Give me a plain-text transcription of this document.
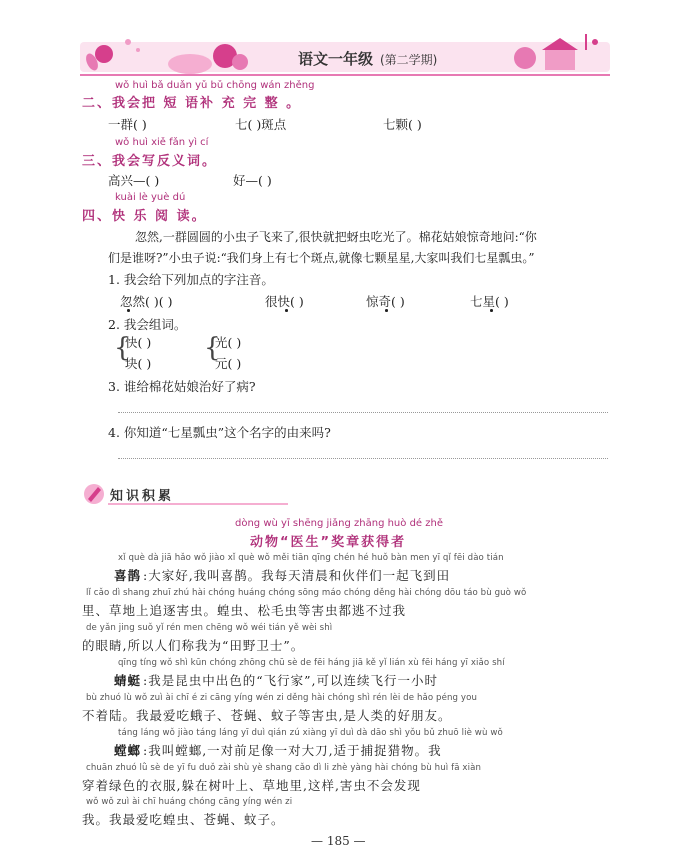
语文一年级 (第二学期)
wǒ huì bǎ duǎn yǔ bǔ chōng wán zhěng
二、我会把 短 语补 充 完 整 。
一群( )	七( )斑点	七颗( )
wǒ huì xiě fǎn yì cí
三、我会写反义词。
高兴—( )	好—( )
kuài lè yuè dú
四、快 乐 阅 读。
忽然,一群圆圆的小虫子飞来了,很快就把蚜虫吃光了。棉花姑娘惊奇地问:“你
们是谁呀?”小虫子说:“我们身上有七个斑点,就像七颗星星,大家叫我们七星瓢虫。”
1. 我会给下列加点的字注音。
忽然( )( )	很快( )	惊奇( )	七星( )
2. 我会组词。
{
快( )
块( )
{
光( )
元( )
3. 谁给棉花姑娘治好了病?
4. 你知道“七星瓢虫”这个名字的由来吗?
知识积累
dòng wù yī shēng jiǎng zhāng huò dé zhě
动物“医生”奖章获得者
xǐ què dà jiā hǎo wǒ jiào xǐ què wǒ měi tiān qīng chén hé huǒ bàn men yī qǐ fēi dào tián
喜鹊 :大家好,我叫喜鹊。我每天清晨和伙伴们一起飞到田
lǐ cǎo dì shang zhuī zhú hài chóng huáng chóng sōng máo chóng děng hài chóng dōu táo bù guò wǒ
里、草地上追逐害虫。蝗虫、松毛虫等害虫都逃不过我
de yǎn jing suǒ yǐ rén men chēng wǒ wéi tián yě wèi shì
的眼睛,所以人们称我为“田野卫士”。
qīng tíng wǒ shì kūn chóng zhōng chū sè de fēi háng jiā kě yǐ lián xù fēi háng yī xiǎo shí
蜻蜓 :我是昆虫中出色的“飞行家”,可以连续飞行一小时
bù zhuó lù wǒ zuì ài chī é zi cāng yíng wén zi děng hài chóng shì rén lèi de hǎo péng you
不着陆。我最爱吃蛾子、苍蝇、蚊子等害虫,是人类的好朋友。
táng láng wǒ jiào táng láng yī duì qián zú xiàng yī duì dà dāo shì yǒu bǔ zhuō liè wù wǒ
螳螂 :我叫螳螂,一对前足像一对大刀,适于捕捉猎物。我
chuān zhuó lǜ sè de yī fu duǒ zài shù yè shang cǎo dì li zhè yàng hài chóng bù huì fā xiàn
穿着绿色的衣服,躲在树叶上、草地里,这样,害虫不会发现
wǒ wǒ zuì ài chī huáng chóng cāng yíng wén zi
我。我最爱吃蝗虫、苍蝇、蚊子。
— 185 —
